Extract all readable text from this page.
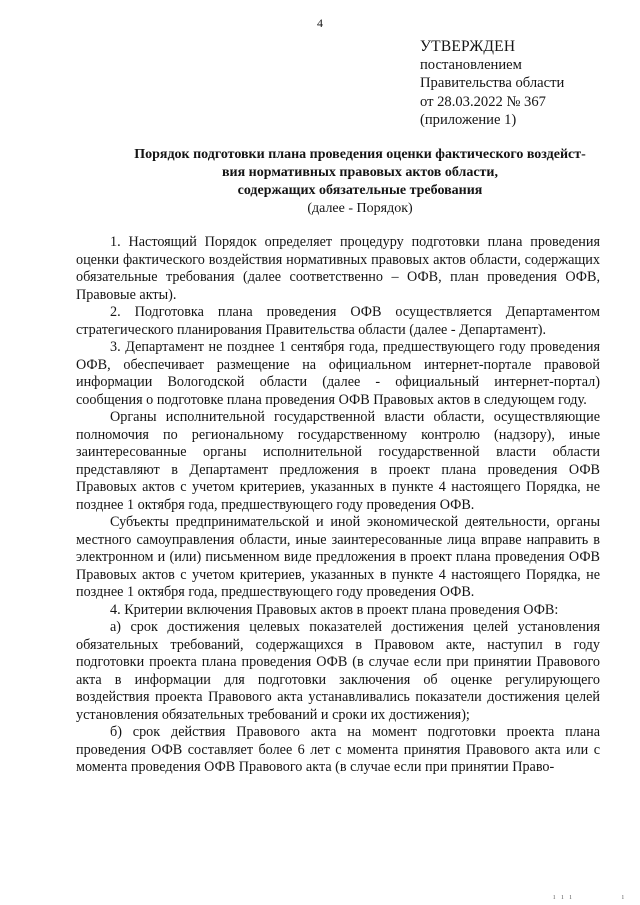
4
УТВЕРЖДЕН
постановлением
Правительства области
от 28.03.2022 № 367
(приложение 1)
Порядок подготовки плана проведения оценки фактического воздейст-
вия нормативных правовых актов области,
содержащих обязательные требования
(далее - Порядок)

1. Настоящий Порядок определяет процедуру подготовки плана проведения оценки фактического воздействия нормативных правовых актов области, содержащих обязательные требования (далее соответственно – ОФВ, план проведения ОФВ, Правовые акты).

2. Подготовка плана проведения ОФВ осуществляется Департаментом стратегического планирования Правительства области (далее - Департамент).

3. Департамент не позднее 1 сентября года, предшествующего году проведения ОФВ, обеспечивает размещение на официальном интернет-портале правовой информации Вологодской области (далее - официальный интернет-портал) сообщения о подготовке плана проведения ОФВ Правовых актов в следующем году.

Органы исполнительной государственной власти области, осуществляющие полномочия по региональному государственному контролю (надзору), иные заинтересованные органы исполнительной государственной власти области представляют в Департамент предложения в проект плана проведения ОФВ Правовых актов с учетом критериев, указанных в пункте 4 настоящего Порядка, не позднее 1 октября года, предшествующего году проведения ОФВ.

Субъекты предпринимательской и иной экономической деятельности, органы местного самоуправления области, иные заинтересованные лица вправе направить в электронном и (или) письменном виде предложения в проект плана проведения ОФВ Правовых актов с учетом критериев, указанных в пункте 4 настоящего Порядка, не позднее 1 октября года, предшествующего году проведения ОФВ.

4. Критерии включения Правовых актов в проект плана проведения ОФВ:

а) срок достижения целевых показателей достижения целей установления обязательных требований, содержащихся в Правовом акте, наступил в году подготовки проекта плана проведения ОФВ (в случае если при принятии Правового акта в информации для подготовки заключения об оценке регулирующего воздействия проекта Правового акта устанавливались показатели достижения целей установления обязательных требований и сроки их достижения);

б) срок действия Правового акта на момент подготовки проекта плана проведения ОФВ составляет более 6 лет с момента принятия Правового акта или с момента проведения ОФВ Правового акта (в случае если при принятии Право-

ı ı ı            ı
